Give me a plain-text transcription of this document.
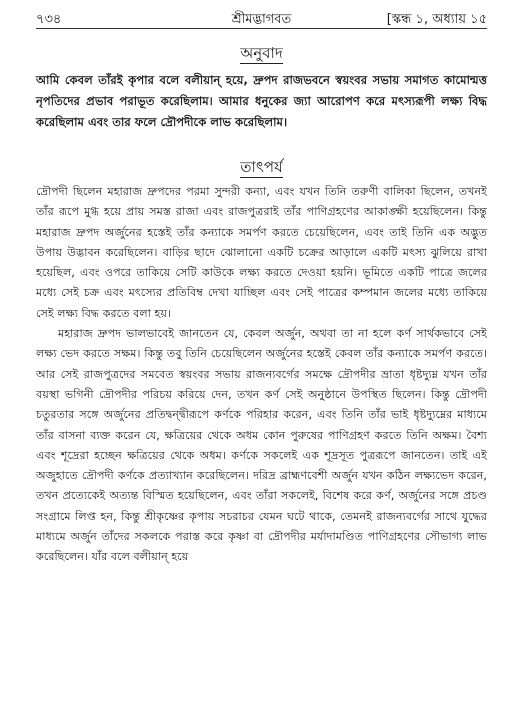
৭৩৪	শ্রীমদ্ভাগবত	[স্কন্ধ ১, অধ্যায় ১৫
অনুবাদ
আমি কেবল তাঁরই কৃপার বলে বলীয়ান্ হয়ে, দ্রুপদ রাজভবনে স্বয়ংবর সভায় সমাগত কামোন্মত্ত নৃপতিদের প্রভাব পরাভূত করেছিলাম। আমার ধনুকের জ্যা আরোপণ করে মৎস্যরূপী লক্ষ্য বিদ্ধ করেছিলাম এবং তার ফলে দ্রৌপদীকে লাভ করেছিলাম।
তাৎপর্য

দ্রৌপদী ছিলেন মহারাজ দ্রুপদের পরমা সুন্দরী কন্যা, এবং যখন তিনি তরুণী বালিকা ছিলেন, তখনই তাঁর রূপে মুগ্ধ হয়ে প্রায় সমস্ত রাজা এবং রাজপুত্ররাই তাঁর পাণিগ্রহণের আকাঙ্ক্ষী হয়েছিলেন। কিন্তু মহারাজ দ্রুপদ অর্জুনের হস্তেই তাঁর কন্যাকে সমর্পণ করতে চেয়েছিলেন, এবং তাই তিনি এক অদ্ভুত উপায় উদ্ভাবন করেছিলেন। বাড়ির ছাদে ঝোলানো একটি চক্রের আড়ালে একটি মৎস্য ঝুলিয়ে রাখা হয়েছিল, এবং ওপরে তাকিয়ে সেটি কাউকে লক্ষ্য করতে দেওয়া হয়নি। ভূমিতে একটি পাত্রে জলের মধ্যে সেই চক্র এবং মৎস্যের প্রতিবিম্ব দেখা যাচ্ছিল এবং সেই পাত্রের কম্পমান জলের মধ্যে তাকিয়ে সেই লক্ষ্য বিদ্ধ করতে বলা হয়।

মহারাজ দ্রুপদ ভালভাবেই জানতেন যে, কেবল অর্জুন, অথবা তা না হলে কর্ণ সার্থকভাবে সেই লক্ষ্য ভেদ করতে সক্ষম। কিন্তু তবু তিনি চেয়েছিলেন অর্জুনের হস্তেই কেবল তাঁর কন্যাকে সমর্পণ করতে। আর সেই রাজপুত্রদের সমবেত স্বয়ংবর সভায় রাজন্যবর্গের সমক্ষে দ্রৌপদীর ভ্রাতা ধৃষ্টদ্যুম্ন যখন তাঁর বয়স্থা ভগিনী দ্রৌপদীর পরিচয় করিয়ে দেন, তখন কর্ণ সেই অনুষ্ঠানে উপস্থিত ছিলেন। কিন্তু দ্রৌপদী চতুরতার সঙ্গে অর্জুনের প্রতিদ্বন্দ্বীরূপে কর্ণকে পরিহার করেন, এবং তিনি তাঁর ভাই ধৃষ্টদ্যুম্নের মাধ্যমে তাঁর বাসনা ব্যক্ত করেন যে, ক্ষত্রিয়ের থেকে অধম কোন পুরুষের পাণিগ্রহণ করতে তিনি অক্ষম। বৈশ্য এবং শূদ্রেরা হচ্ছেন ক্ষত্রিয়ের থেকে অধম। কর্ণকে সকলেই এক শূদ্রসূত পুত্ররূপে জানতেন। তাই এই অজুহাতে দ্রৌপদী কর্ণকে প্রত্যাখ্যান করেছিলেন। দরিদ্র ব্রাহ্মণবেশী অর্জুন যখন কঠিন লক্ষ্যভেদ করেন, তখন প্রত্যেকেই অত্যন্ত বিস্মিত হয়েছিলেন, এবং তাঁরা সকলেই, বিশেষ করে কর্ণ, অর্জুনের সঙ্গে প্রচণ্ড সংগ্রামে লিপ্ত হন, কিন্তু শ্রীকৃষ্ণের কৃপায় সচরাচর যেমন ঘটে থাকে, তেমনই রাজন্যবর্গের সাথে যুদ্ধের মাধ্যমে অর্জুন তাঁদের সকলকে পরাস্ত করে কৃষ্ণা বা দ্রৌপদীর মর্যাদামণ্ডিত পাণিগ্রহণের সৌভাগ্য লাভ করেছিলেন। যাঁর বলে বলীয়ান্ হয়ে
